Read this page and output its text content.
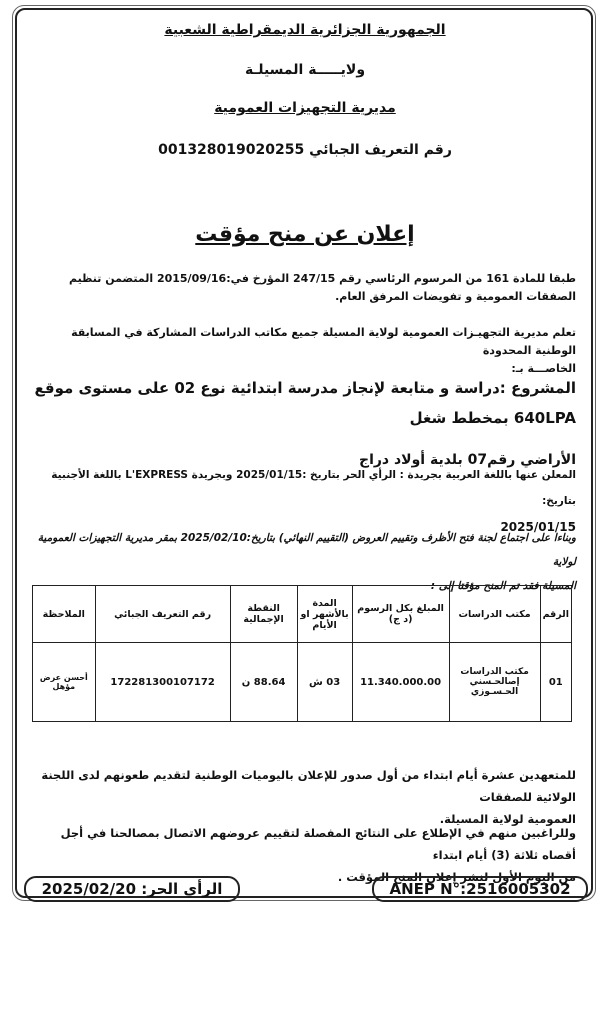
الجمهورية الجزائرية الديمقراطية الشعبية
ولايـــــة المسيلـة
مديرية التجهيزات العمومية
رقم التعريف الجبائي 001328019020255
إعلان عن منح مؤقت
طبقا للمادة 161 من المرسوم الرئاسي رقم 247/15 المؤرخ في:2015/09/16 المتضمن تنظيم
الصفقات العمومية و تفويضات المرفق العام.
تعلم مديرية التجهيـزات العمومية لولاية المسيلة جميع مكاتب الدراسات المشاركة في المسابقة الوطنية المحدودة
الخاصـــة بـ:
المشروع :دراسة و متابعة لإنجاز مدرسة ابتدائية نوع 02 على مستوى موقع 640LPA بمخطط شغل
الأراضي رقم07 بلدية أولاد دراج
المعلن عنها باللغة العربية بجريدة : الرأي الحر بتاريخ :2025/01/15 وبجريدة L'EXPRESS باللغة الأجنبية بتاريخ:
2025/01/15
وبناءا على اجتماع لجنة فتح الأظرف وتقييم العروض (التقييم النهائي) بتاريخ:2025/02/10 بمقر مديرية التجهيزات العمومية لولاية
المسيلة فقد تم المنح مؤقتا إلى :
الرقم	مكتب الدراسات	المبلغ بكل الرسوم (د ج)	المدة بالأشهر او الأيام	النقطة الإجمالية	رقم التعريف الجبائي	الملاحظة
01	مكتب الدراسات إصالحـسني الحـسـوزي	11.340.000.00	03 ش	88.64 ن	172281300107172	أحسن عرض مؤهل
للمتعهدين عشرة أيام ابتداء من أول صدور للإعلان باليوميات الوطنية لتقديم طعونهم لدى اللجنة الولائية للصفقات
العمومية لولاية المسيلة.
وللراغبين منهم في الإطلاع على النتائج المفصلة لتقييم عروضهم الاتصال بمصالحنا في أجل أقصاه ثلاثة (3) أيام ابتداء
من اليوم الأول لنشر إعلان المنح المؤقت .
الرأي الحر: 2025/02/20	ANEP N°:2516005302
